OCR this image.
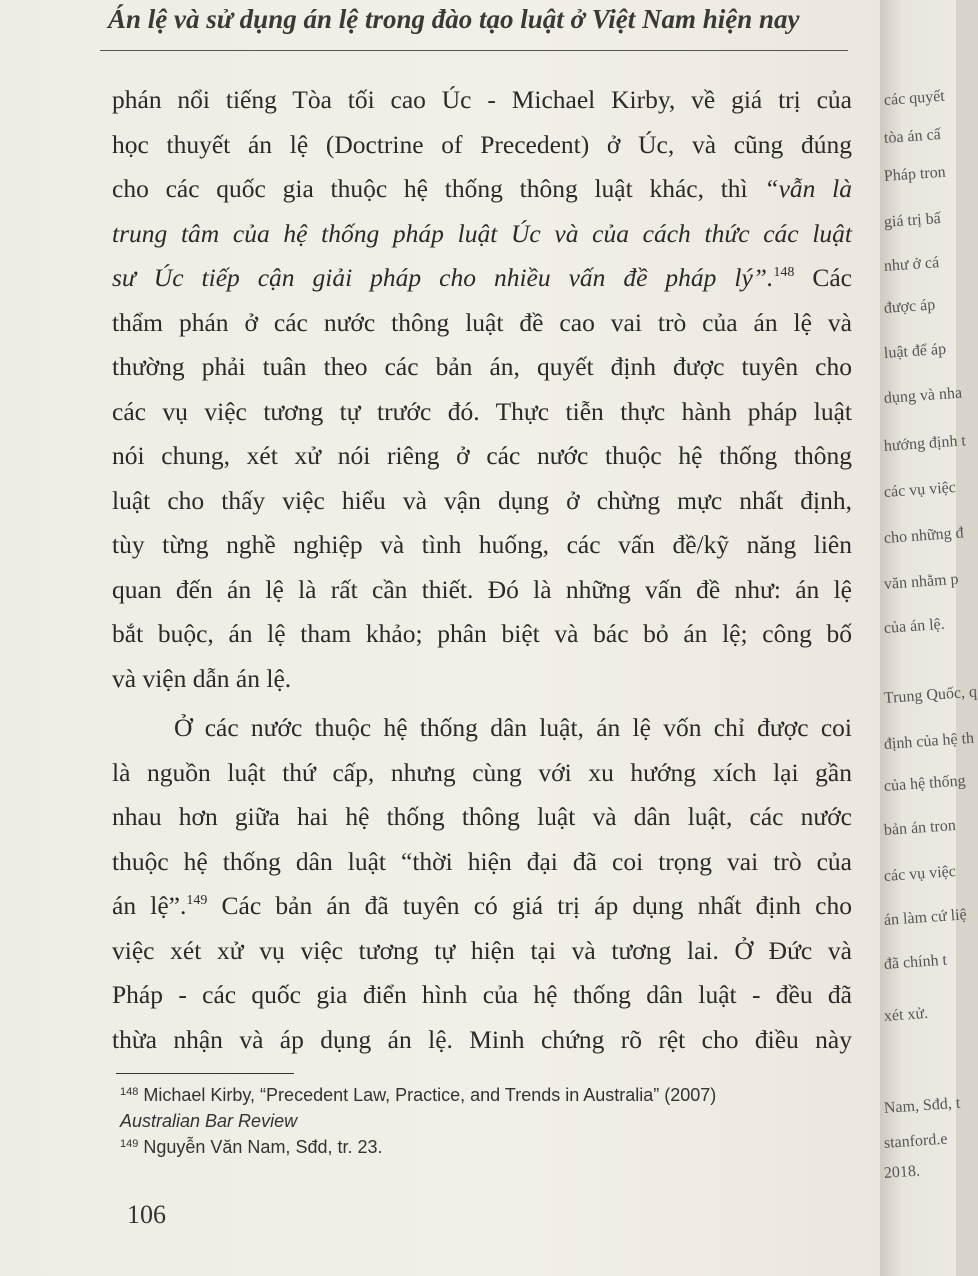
Án lệ và sử dụng án lệ trong đào tạo luật ở Việt Nam hiện nay
phán nổi tiếng Tòa tối cao Úc - Michael Kirby, về giá trị của
học thuyết án lệ (Doctrine of Precedent) ở Úc, và cũng đúng
cho các quốc gia thuộc hệ thống thông luật khác, thì “vẫn là
trung tâm của hệ thống pháp luật Úc và của cách thức các luật
sư Úc tiếp cận giải pháp cho nhiều vấn đề pháp lý”.$^{148}$ Các
thẩm phán ở các nước thông luật đề cao vai trò của án lệ và
thường phải tuân theo các bản án, quyết định được tuyên cho
các vụ việc tương tự trước đó. Thực tiễn thực hành pháp luật
nói chung, xét xử nói riêng ở các nước thuộc hệ thống thông
luật cho thấy việc hiểu và vận dụng ở chừng mực nhất định,
tùy từng nghề nghiệp và tình huống, các vấn đề/kỹ năng liên
quan đến án lệ là rất cần thiết. Đó là những vấn đề như: án lệ
bắt buộc, án lệ tham khảo; phân biệt và bác bỏ án lệ; công bố
và viện dẫn án lệ.
Ở các nước thuộc hệ thống dân luật, án lệ vốn chỉ được coi
là nguồn luật thứ cấp, nhưng cùng với xu hướng xích lại gần
nhau hơn giữa hai hệ thống thông luật và dân luật, các nước
thuộc hệ thống dân luật “thời hiện đại đã coi trọng vai trò của
án lệ”.$^{149}$ Các bản án đã tuyên có giá trị áp dụng nhất định cho
việc xét xử vụ việc tương tự hiện tại và tương lai. Ở Đức và
Pháp - các quốc gia điển hình của hệ thống dân luật - đều đã
thừa nhận và áp dụng án lệ. Minh chứng rõ rệt cho điều này
$^{148}$ Michael Kirby, “Precedent Law, Practice, and Trends in Australia” (2007)
Australian Bar Review
$^{149}$ Nguyễn Văn Nam, Sđd, tr. 23.
106
các quyết
tòa án cấ
Pháp tron
giá trị bấ
như ở cá
được áp
luật để áp
dụng và nha
hướng định t
các vụ việc
cho những đ
văn nhằm p
của án lệ.
Trung Quốc, q
định của hệ th
của hệ thống
bản án tron
các vụ việc
án làm cứ liệ
đã chính t
xét xử.
Nam, Sđd, t
stanford.e
2018.
